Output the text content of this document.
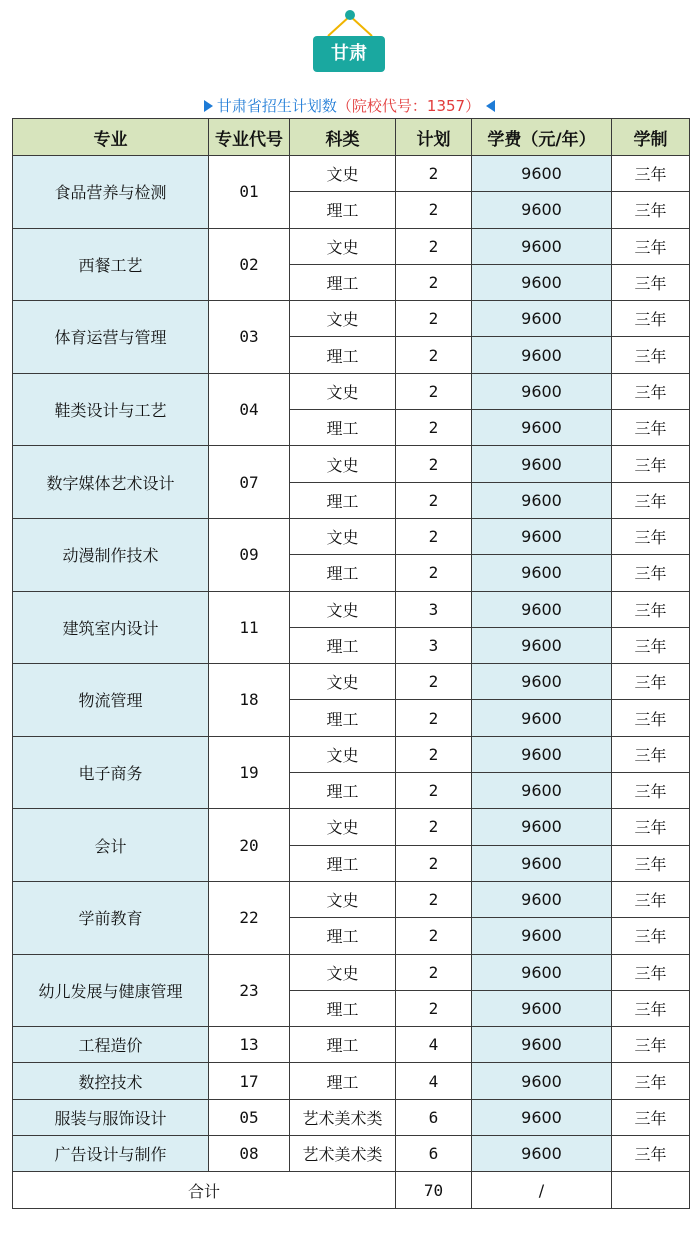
甘肃
甘肃省招生计划数（院校代号：1357）
专业	专业代号	科类	计划	学费（元/年）	学制
食品营养与检测	01	文史	2	9600	三年
		理工	2	9600	三年
西餐工艺	02	文史	2	9600	三年
		理工	2	9600	三年
体育运营与管理	03	文史	2	9600	三年
		理工	2	9600	三年
鞋类设计与工艺	04	文史	2	9600	三年
		理工	2	9600	三年
数字媒体艺术设计	07	文史	2	9600	三年
		理工	2	9600	三年
动漫制作技术	09	文史	2	9600	三年
		理工	2	9600	三年
建筑室内设计	11	文史	3	9600	三年
		理工	3	9600	三年
物流管理	18	文史	2	9600	三年
		理工	2	9600	三年
电子商务	19	文史	2	9600	三年
		理工	2	9600	三年
会计	20	文史	2	9600	三年
		理工	2	9600	三年
学前教育	22	文史	2	9600	三年
		理工	2	9600	三年
幼儿发展与健康管理	23	文史	2	9600	三年
		理工	2	9600	三年
工程造价	13	理工	4	9600	三年
数控技术	17	理工	4	9600	三年
服装与服饰设计	05	艺术美术类	6	9600	三年
广告设计与制作	08	艺术美术类	6	9600	三年
合计			70	/	
